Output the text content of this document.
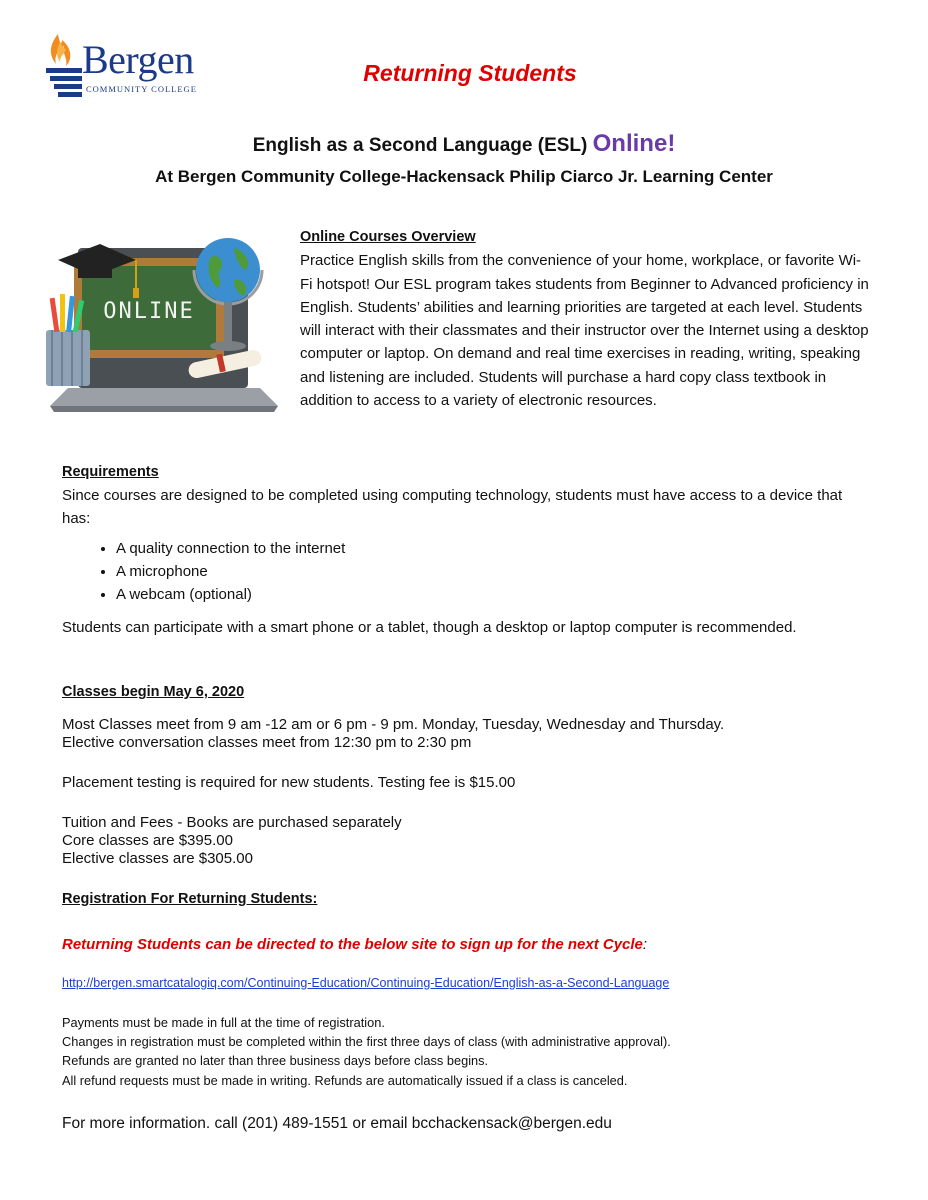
Bergen
COMMUNITY COLLEGE
Returning Students
English as a Second Language (ESL) Online!
At Bergen Community College-Hackensack Philip Ciarco Jr. Learning Center
ONLINE
Online Courses Overview
Practice English skills from the convenience of your home, workplace, or favorite Wi-Fi hotspot! Our ESL program takes students from Beginner to Advanced proficiency in English. Students’ abilities and learning priorities are targeted at each level. Students will interact with their classmates and their instructor over the Internet using a desktop computer or laptop. On demand and real time exercises in reading, writing, speaking and listening are included. Students will purchase a hard copy class textbook in addition to access to a variety of electronic resources.
Requirements
Since courses are designed to be completed using computing technology, students must have access to a device that has:
• A quality connection to the internet
• A microphone
• A webcam (optional)
Students can participate with a smart phone or a tablet, though a desktop or laptop computer is recommended.
Classes begin May 6, 2020

Most Classes meet from 9 am -12 am or 6 pm - 9 pm. Monday, Tuesday, Wednesday and Thursday.

Elective conversation classes meet from 12:30 pm to 2:30 pm

Placement testing is required for new students. Testing fee is $15.00

Tuition and Fees - Books are purchased separately

Core classes are $395.00

Elective classes are $305.00

Registration For Returning Students:
Returning Students can be directed to the below site to sign up for the next Cycle:
http://bergen.smartcatalogiq.com/Continuing-Education/Continuing-Education/English-as-a-Second-Language
Payments must be made in full at the time of registration.
Changes in registration must be completed within the first three days of class (with administrative approval).
Refunds are granted no later than three business days before class begins.
All refund requests must be made in writing. Refunds are automatically issued if a class is canceled.
For more information. call (201) 489-1551 or email bcchackensack@bergen.edu
